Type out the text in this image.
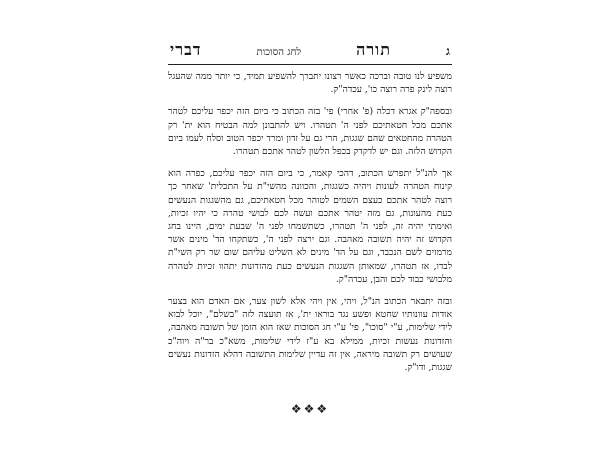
ג
תורה
לחג הסוכות
דברי

משפיע לנו טובה וברכה כאשר רצונו יתברך להשפיע תמיד, כי יותר ממה שהעגל רוצה לינק פרה רוצה כו', עכדה"ק.

ובספה"ק אגרא דכלה (פ' אחרי) פי' בזה הכתוב כי ביום הזה יכפר עליכם לטהר אתכם מכל חטאתיכם לפני ה' תטהרו. ויש להתבונן למה הבטיח הוא ית' רק הטהרה מהחטאים שהם שגגות, הרי גם על זדון ומרד יכפר הטוב וסלח לעמו ביום הקדוש הלזה. וגם יש לדקדק בכפל הלשון לטהר אתכם תטהרו.

אך להנ"ל יתפרש הכתוב, דהכי קאמר, כי ביום הזה יכפר עליכם, כפרה הוא קינוח הטהרה לעונות ויהיה כשגגות, והכוונה מהשי"ת על התכלית' שאחר כך רוצה לטהר אתכם כעצם השמים לטוהר מכל חטאתיכם, גם מהשגגות הנעשים כעת מהעונות, גם מזה יטהר אתכם ועשה לכם לבושי טהרה כי יהיו זכיות, ואימתי יהיה זה, לפני ה' תטהרו, כשתשמחו לפני ה' שבעת ימים, היינו בחג הקדוש זה יהיה תשובה מאהבה. וגם ירצה לפני ה', כשתקחו הד' מינים אשר מרמזים לשם הנכבד, וגם על הד' מינים לא השליט עליהם שום שר רק השי"ת לבדו, אז תטהרו, שמאותן השגגות הנעשים כעת מהזדונות יתהוו זכיות לטהרה מלבושי כבוד לכם והבן, עכדה"ק.

ובזה יתבאר הכתוב הנ"ל, ויהי, אין ויהי אלא לשון צער, אם האדם הוא בצער אודות עוונותיו שחטא ופשע נגד בוראו ית', אז תועצה לזה "בשלם", יוכל לבוא לידי שלימות, ע"י "סוכו", פי' ע"י חג הסוכות שאז הוא הזמן של תשובה מאהבה, והזדונות נעשות זכיות, ממילא בא ע"ז לידי שלימות, משא"כ בר"ה ויוה"כ שעושים רק תשובה מיראה, אין זה עדיין שלימות התשובה דהלא הזדונות נעשים שגגות, ודו"ק.

❖❖❖
